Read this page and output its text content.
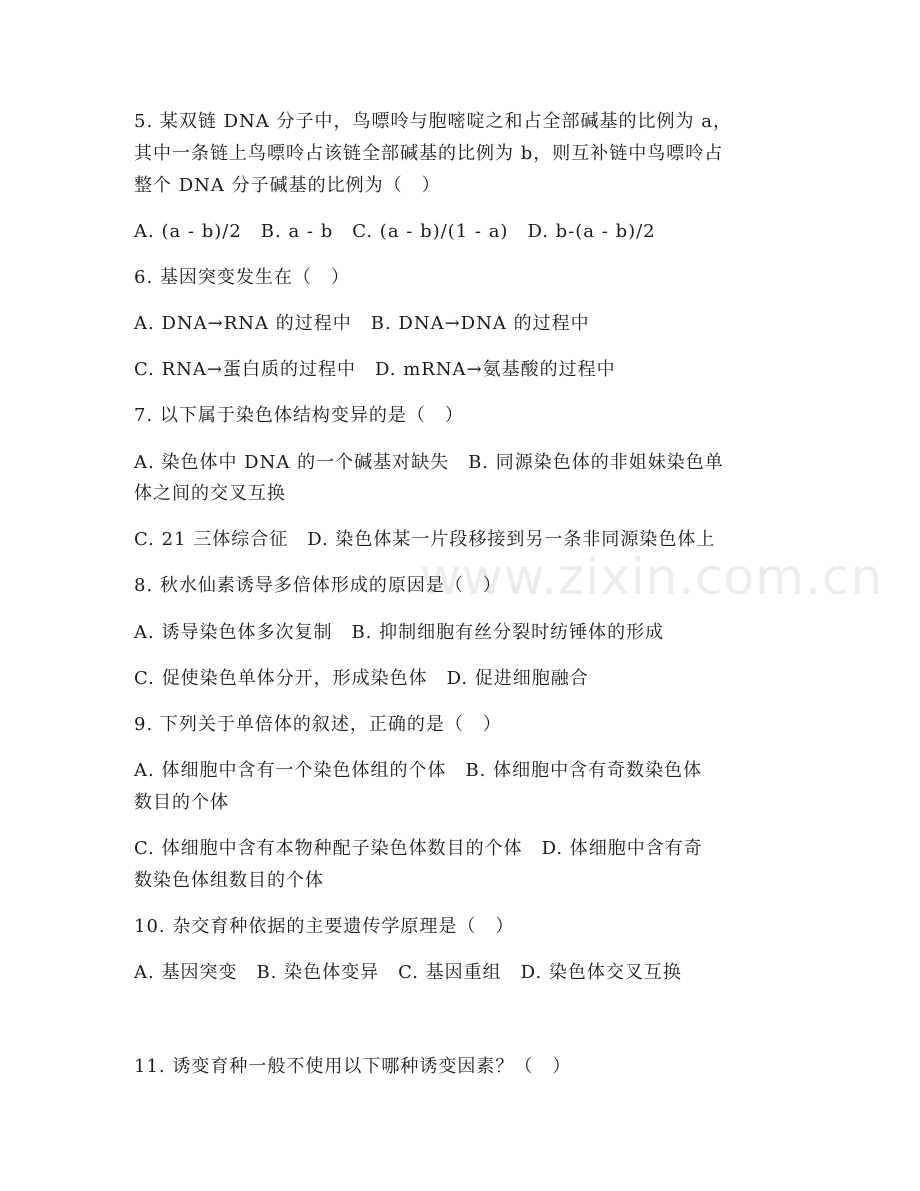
www.zixin.com.cn
5. 某双链 DNA 分子中，鸟嘌呤与胞嘧啶之和占全部碱基的比例为 a，
其中一条链上鸟嘌呤占该链全部碱基的比例为 b，则互补链中鸟嘌呤占
整个 DNA 分子碱基的比例为（　）
A. (a - b)/2　B. a - b　C. (a - b)/(1 - a)　D. b-(a - b)/2
6. 基因突变发生在（　）
A. DNA→RNA 的过程中　B. DNA→DNA 的过程中
C. RNA→蛋白质的过程中　D. mRNA→氨基酸的过程中
7. 以下属于染色体结构变异的是（　）
A. 染色体中 DNA 的一个碱基对缺失　B. 同源染色体的非姐妹染色单
体之间的交叉互换
C. 21 三体综合征　D. 染色体某一片段移接到另一条非同源染色体上
8. 秋水仙素诱导多倍体形成的原因是（　）
A. 诱导染色体多次复制　B. 抑制细胞有丝分裂时纺锤体的形成
C. 促使染色单体分开，形成染色体　D. 促进细胞融合
9. 下列关于单倍体的叙述，正确的是（　）
A. 体细胞中含有一个染色体组的个体　B. 体细胞中含有奇数染色体
数目的个体
C. 体细胞中含有本物种配子染色体数目的个体　D. 体细胞中含有奇
数染色体组数目的个体
10. 杂交育种依据的主要遗传学原理是（　）
A. 基因突变　B. 染色体变异　C. 基因重组　D. 染色体交叉互换
11. 诱变育种一般不使用以下哪种诱变因素？（　）
